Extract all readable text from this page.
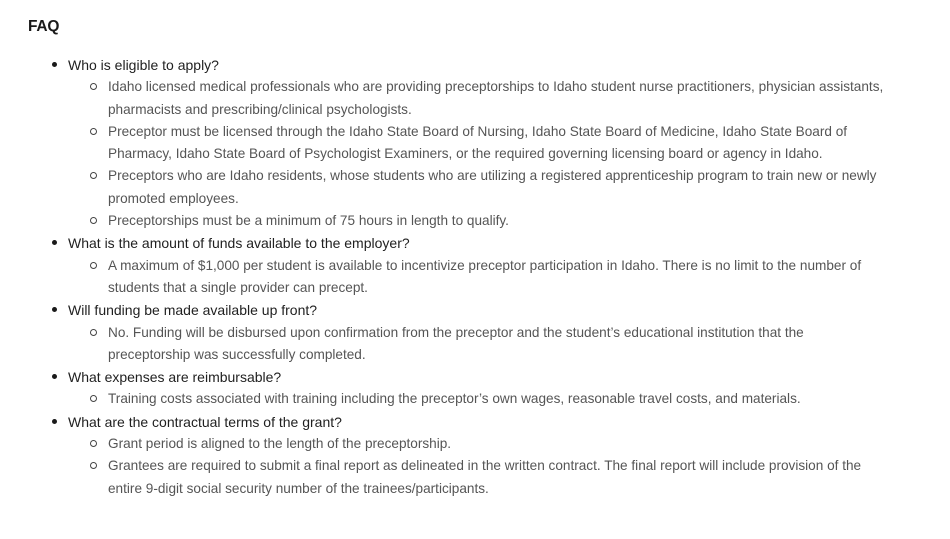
FAQ
Who is eligible to apply?
Idaho licensed medical professionals who are providing preceptorships to Idaho student nurse practitioners, physician assistants, pharmacists and prescribing/clinical psychologists.
Preceptor must be licensed through the Idaho State Board of Nursing, Idaho State Board of Medicine, Idaho State Board of Pharmacy, Idaho State Board of Psychologist Examiners, or the required governing licensing board or agency in Idaho.
Preceptors who are Idaho residents, whose students who are utilizing a registered apprenticeship program to train new or newly promoted employees.
Preceptorships must be a minimum of 75 hours in length to qualify.
What is the amount of funds available to the employer?
A maximum of $1,000 per student is available to incentivize preceptor participation in Idaho. There is no limit to the number of students that a single provider can precept.
Will funding be made available up front?
No. Funding will be disbursed upon confirmation from the preceptor and the student’s educational institution that the preceptorship was successfully completed.
What expenses are reimbursable?
Training costs associated with training including the preceptor’s own wages, reasonable travel costs, and materials.
What are the contractual terms of the grant?
Grant period is aligned to the length of the preceptorship.
Grantees are required to submit a final report as delineated in the written contract. The final report will include provision of the entire 9-digit social security number of the trainees/participants.
